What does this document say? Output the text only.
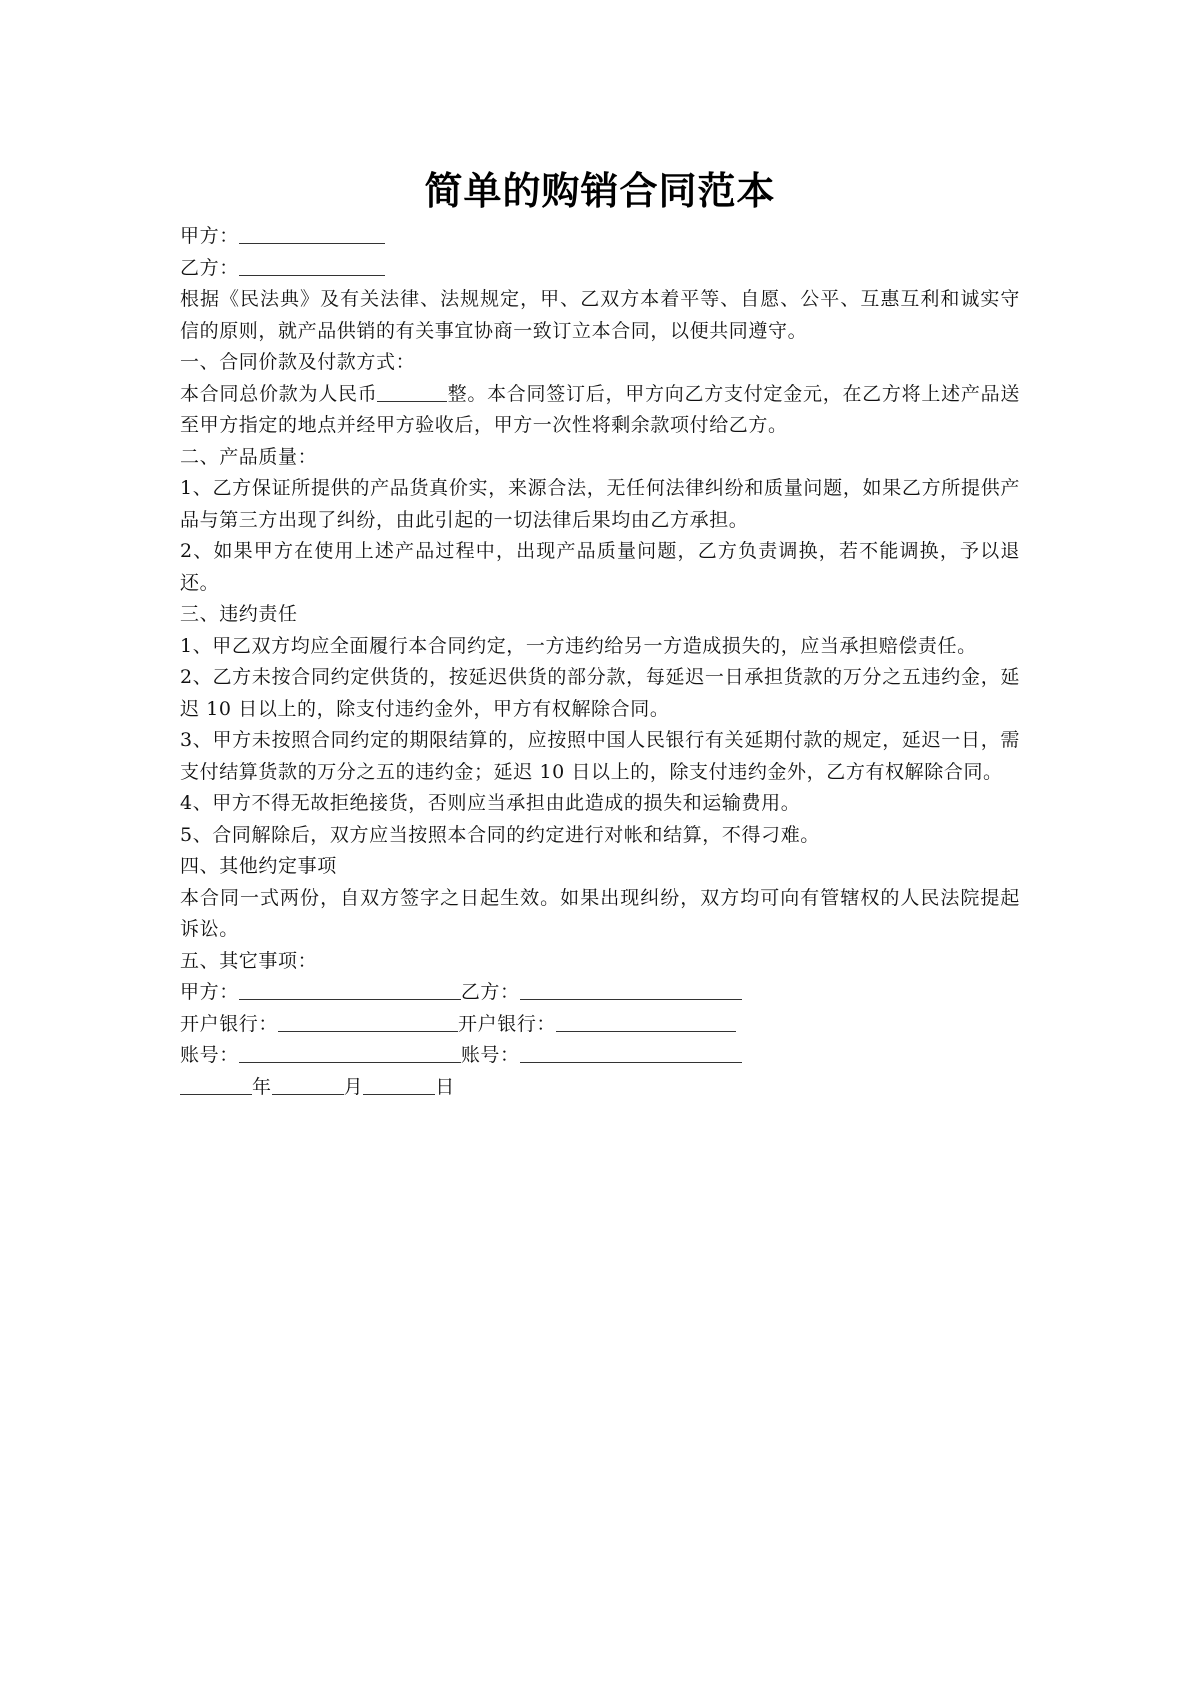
简单的购销合同范本
甲方：
乙方：
根据《民法典》及有关法律、法规规定，甲、乙双方本着平等、自愿、公平、互惠互利和诚实守信的原则，就产品供销的有关事宜协商一致订立本合同，以便共同遵守。
一、合同价款及付款方式：
本合同总价款为人民币	整。本合同签订后，甲方向乙方支付定金元，在乙方将上述产品送至甲方指定的地点并经甲方验收后，甲方一次性将剩余款项付给乙方。
二、产品质量：
1、乙方保证所提供的产品货真价实，来源合法，无任何法律纠纷和质量问题，如果乙方所提供产品与第三方出现了纠纷，由此引起的一切法律后果均由乙方承担。
2、如果甲方在使用上述产品过程中，出现产品质量问题，乙方负责调换，若不能调换，予以退还。
三、违约责任
1、甲乙双方均应全面履行本合同约定，一方违约给另一方造成损失的，应当承担赔偿责任。
2、乙方未按合同约定供货的，按延迟供货的部分款，每延迟一日承担货款的万分之五违约金，延迟 10 日以上的，除支付违约金外，甲方有权解除合同。
3、甲方未按照合同约定的期限结算的，应按照中国人民银行有关延期付款的规定，延迟一日，需支付结算货款的万分之五的违约金；延迟 10 日以上的，除支付违约金外，乙方有权解除合同。
4、甲方不得无故拒绝接货，否则应当承担由此造成的损失和运输费用。
5、合同解除后，双方应当按照本合同的约定进行对帐和结算，不得刁难。
四、其他约定事项
本合同一式两份，自双方签字之日起生效。如果出现纠纷，双方均可向有管辖权的人民法院提起诉讼。
五、其它事项：
甲方：	乙方：
开户银行：	开户银行：
账号：	账号：
年	月	日
